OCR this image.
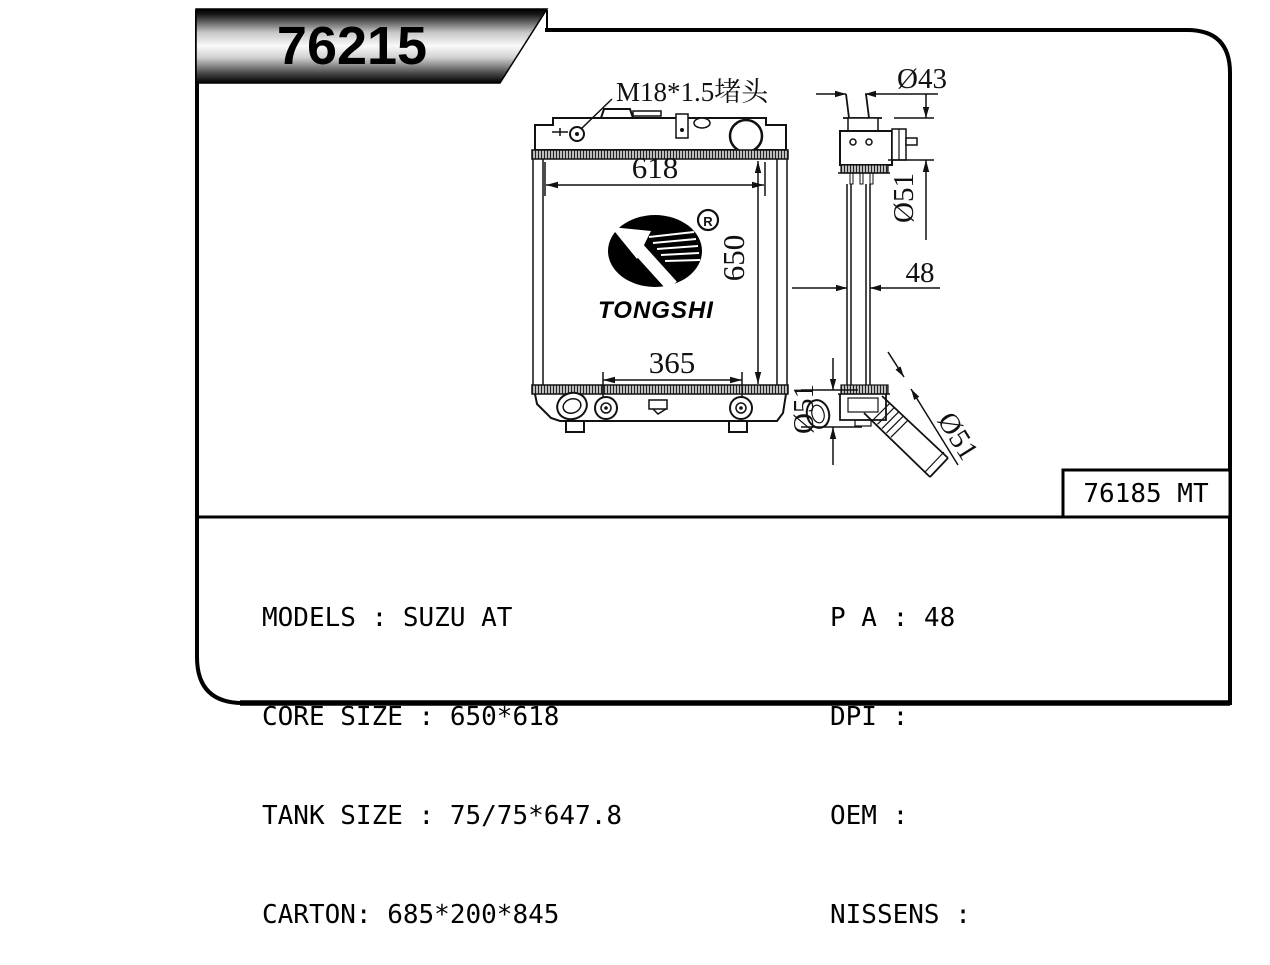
76185 MT
76215
618
650
365
M18*1.5堵头
R
TONGSHI
Ø43
Ø51
48
Ø51	Ø51

MODELS : SUZU AT

CORE SIZE : 650*618

TANK SIZE : 75/75*647.8

CARTON: 685*200*845

P A : 48

DPI :

OEM :

NISSENS :
